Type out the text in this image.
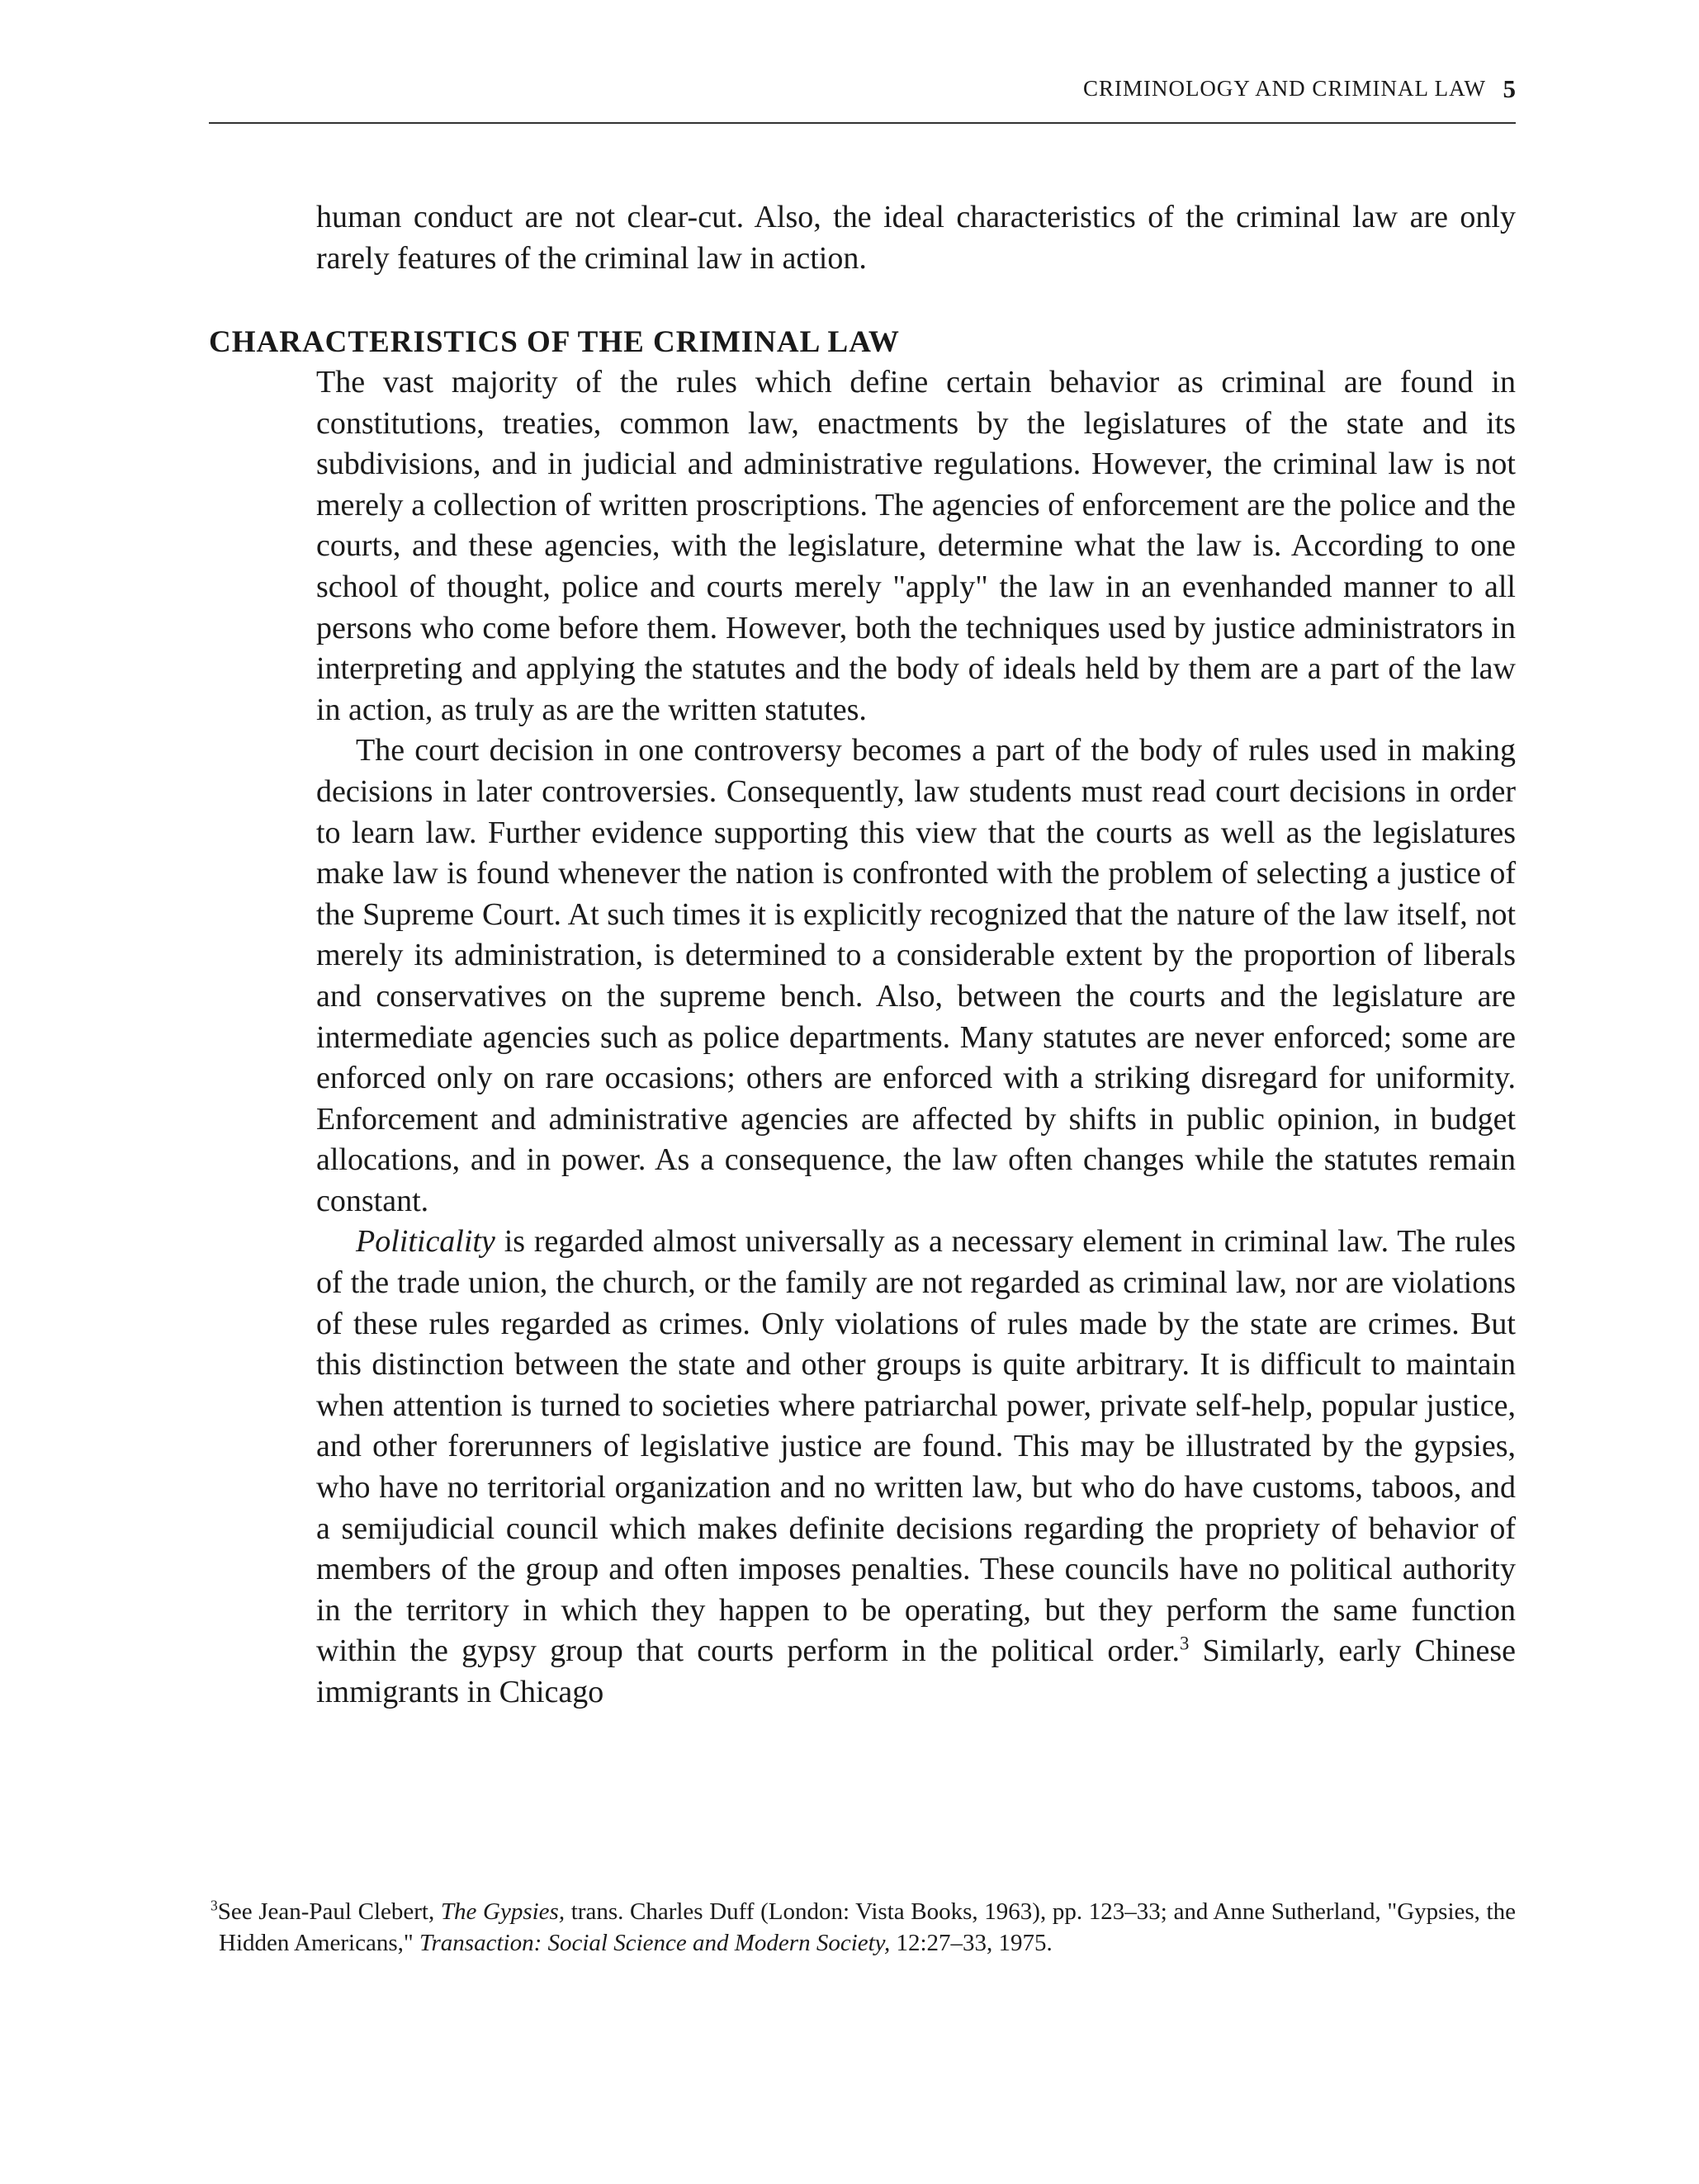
CRIMINOLOGY AND CRIMINAL LAW 5

human conduct are not clear-cut. Also, the ideal characteristics of the criminal law are only rarely features of the criminal law in action.

CHARACTERISTICS OF THE CRIMINAL LAW

The vast majority of the rules which define certain behavior as criminal are found in constitutions, treaties, common law, enactments by the legislatures of the state and its subdivisions, and in judicial and administrative regulations. However, the criminal law is not merely a collection of written proscriptions. The agencies of enforcement are the police and the courts, and these agencies, with the legislature, determine what the law is. According to one school of thought, police and courts merely "apply" the law in an evenhanded manner to all persons who come before them. However, both the techniques used by justice administrators in interpreting and applying the statutes and the body of ideals held by them are a part of the law in action, as truly as are the written statutes.

The court decision in one controversy becomes a part of the body of rules used in making decisions in later controversies. Consequently, law students must read court decisions in order to learn law. Further evidence supporting this view that the courts as well as the legislatures make law is found whenever the nation is confronted with the problem of selecting a justice of the Supreme Court. At such times it is explicitly recognized that the nature of the law itself, not merely its administration, is determined to a considerable extent by the proportion of liberals and conservatives on the supreme bench. Also, between the courts and the legislature are intermediate agencies such as police departments. Many statutes are never enforced; some are enforced only on rare occasions; others are enforced with a striking disregard for uniformity. Enforcement and administrative agencies are affected by shifts in public opinion, in budget allocations, and in power. As a consequence, the law often changes while the statutes remain constant.

Politicality is regarded almost universally as a necessary element in criminal law. The rules of the trade union, the church, or the family are not regarded as criminal law, nor are violations of these rules regarded as crimes. Only violations of rules made by the state are crimes. But this distinction between the state and other groups is quite arbitrary. It is difficult to maintain when attention is turned to societies where patriarchal power, private self-help, popular justice, and other forerunners of legislative justice are found. This may be illustrated by the gypsies, who have no territorial organization and no written law, but who do have customs, taboos, and a semijudicial council which makes definite decisions regarding the propriety of behavior of members of the group and often imposes penalties. These councils have no political authority in the territory in which they happen to be operating, but they perform the same function within the gypsy group that courts perform in the political order.$^3$ Similarly, early Chinese immigrants in Chicago

$^3$See Jean-Paul Clebert, The Gypsies, trans. Charles Duff (London: Vista Books, 1963), pp. 123–33; and Anne Sutherland, "Gypsies, the Hidden Americans," Transaction: Social Science and Modern Society, 12:27–33, 1975.
